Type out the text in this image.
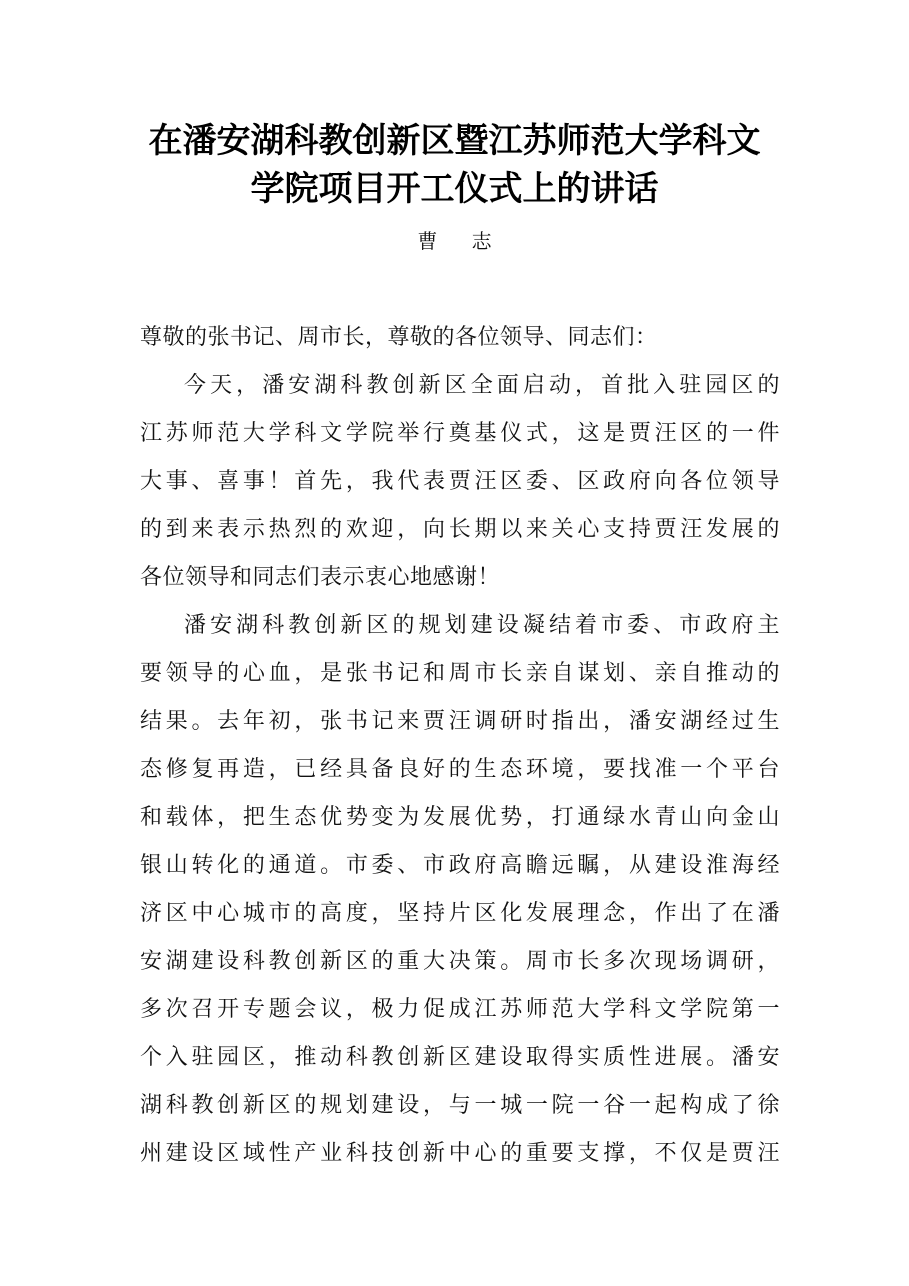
在潘安湖科教创新区暨江苏师范大学科文
学院项目开工仪式上的讲话
曹 志
尊敬的张书记、周市长，尊敬的各位领导、同志们：
今天，潘安湖科教创新区全面启动，首批入驻园区的
江苏师范大学科文学院举行奠基仪式，这是贾汪区的一件
大事、喜事！首先，我代表贾汪区委、区政府向各位领导
的到来表示热烈的欢迎，向长期以来关心支持贾汪发展的
各位领导和同志们表示衷心地感谢！
潘安湖科教创新区的规划建设凝结着市委、市政府主
要领导的心血，是张书记和周市长亲自谋划、亲自推动的
结果。去年初，张书记来贾汪调研时指出，潘安湖经过生
态修复再造，已经具备良好的生态环境，要找准一个平台
和载体，把生态优势变为发展优势，打通绿水青山向金山
银山转化的通道。市委、市政府高瞻远瞩，从建设淮海经
济区中心城市的高度，坚持片区化发展理念，作出了在潘
安湖建设科教创新区的重大决策。周市长多次现场调研，
多次召开专题会议，极力促成江苏师范大学科文学院第一
个入驻园区，推动科教创新区建设取得实质性进展。潘安
湖科教创新区的规划建设，与一城一院一谷一起构成了徐
州建设区域性产业科技创新中心的重要支撑，不仅是贾汪
